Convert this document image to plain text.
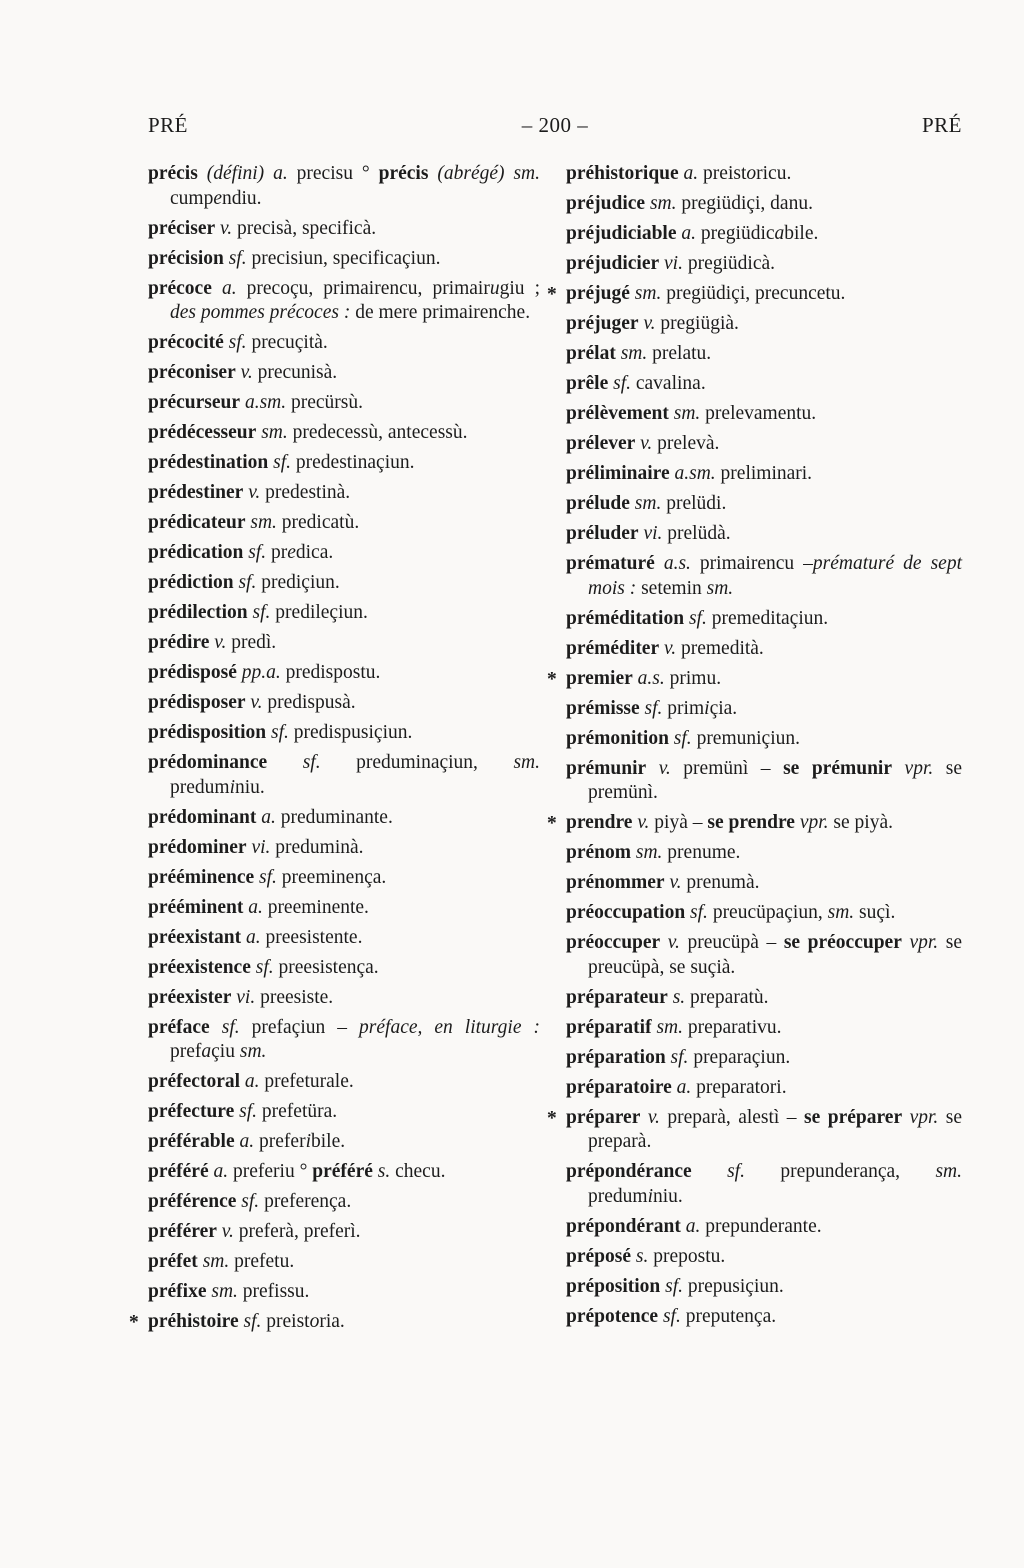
PRÉ	– 200 –	PRÉ

précis (défini) a. precisu ° précis (abrégé) sm. cumpendiu.

préciser v. precisà, specificà.

précision sf. precisiun, specificaçiun.

précoce a. precoçu, primairencu, primairugiu ; des pommes précoces : de mere primairenche.

précocité sf. precuçità.

préconiser v. precunisà.

précurseur a.sm. precürsù.

prédécesseur sm. predecessù, antecessù.

prédestination sf. predestinaçiun.

prédestiner v. predestinà.

prédicateur sm. predicatù.

prédication sf. predica.

prédiction sf. prediçiun.

prédilection sf. predileçiun.

prédire v. predì.

prédisposé pp.a. predispostu.

prédisposer v. predispusà.

prédisposition sf. predispusiçiun.

prédominance sf. preduminaçiun, sm. preduminiu.

prédominant a. preduminante.

prédominer vi. preduminà.

prééminence sf. preeminença.

prééminent a. preeminente.

préexistant a. preesistente.

préexistence sf. preesistença.

préexister vi. preesiste.

préface sf. prefaçiun – préface, en liturgie : prefaçiu sm.

préfectoral a. prefeturale.

préfecture sf. prefetüra.

préférable a. preferibile.

préféré a. preferiu ° préféré s. checu.

préférence sf. preferença.

préférer v. preferà, preferì.

préfet sm. prefetu.

préfixe sm. prefissu.

* préhistoire sf. preistoria.

préhistorique a. preistoricu.

préjudice sm. pregiüdiçi, danu.

préjudiciable a. pregiüdicabile.

préjudicier vi. pregiüdicà.

* préjugé sm. pregiüdiçi, precuncetu.

préjuger v. pregiügià.

prélat sm. prelatu.

prêle sf. cavalina.

prélèvement sm. prelevamentu.

prélever v. prelevà.

préliminaire a.sm. preliminari.

prélude sm. prelüdi.

préluder vi. prelüdà.

prématuré a.s. primairencu –prématuré de sept mois : setemin sm.

préméditation sf. premeditaçiun.

préméditer v. premedità.

* premier a.s. primu.

prémisse sf. primiçia.

prémonition sf. premuniçiun.

prémunir v. premünì – se prémunir vpr. se premünì.

* prendre v. piyà – se prendre vpr. se piyà.

prénom sm. prenume.

prénommer v. prenumà.

préoccupation sf. preucüpaçiun, sm. suçì.

préoccuper v. preucüpà – se préoccuper vpr. se preucüpà, se suçià.

préparateur s. preparatù.

préparatif sm. preparativu.

préparation sf. preparaçiun.

préparatoire a. preparatori.

* préparer v. preparà, alestì – se préparer vpr. se preparà.

prépondérance sf. prepunderança, sm. preduminiu.

prépondérant a. prepunderante.

préposé s. prepostu.

préposition sf. prepusiçiun.

prépotence sf. preputença.
